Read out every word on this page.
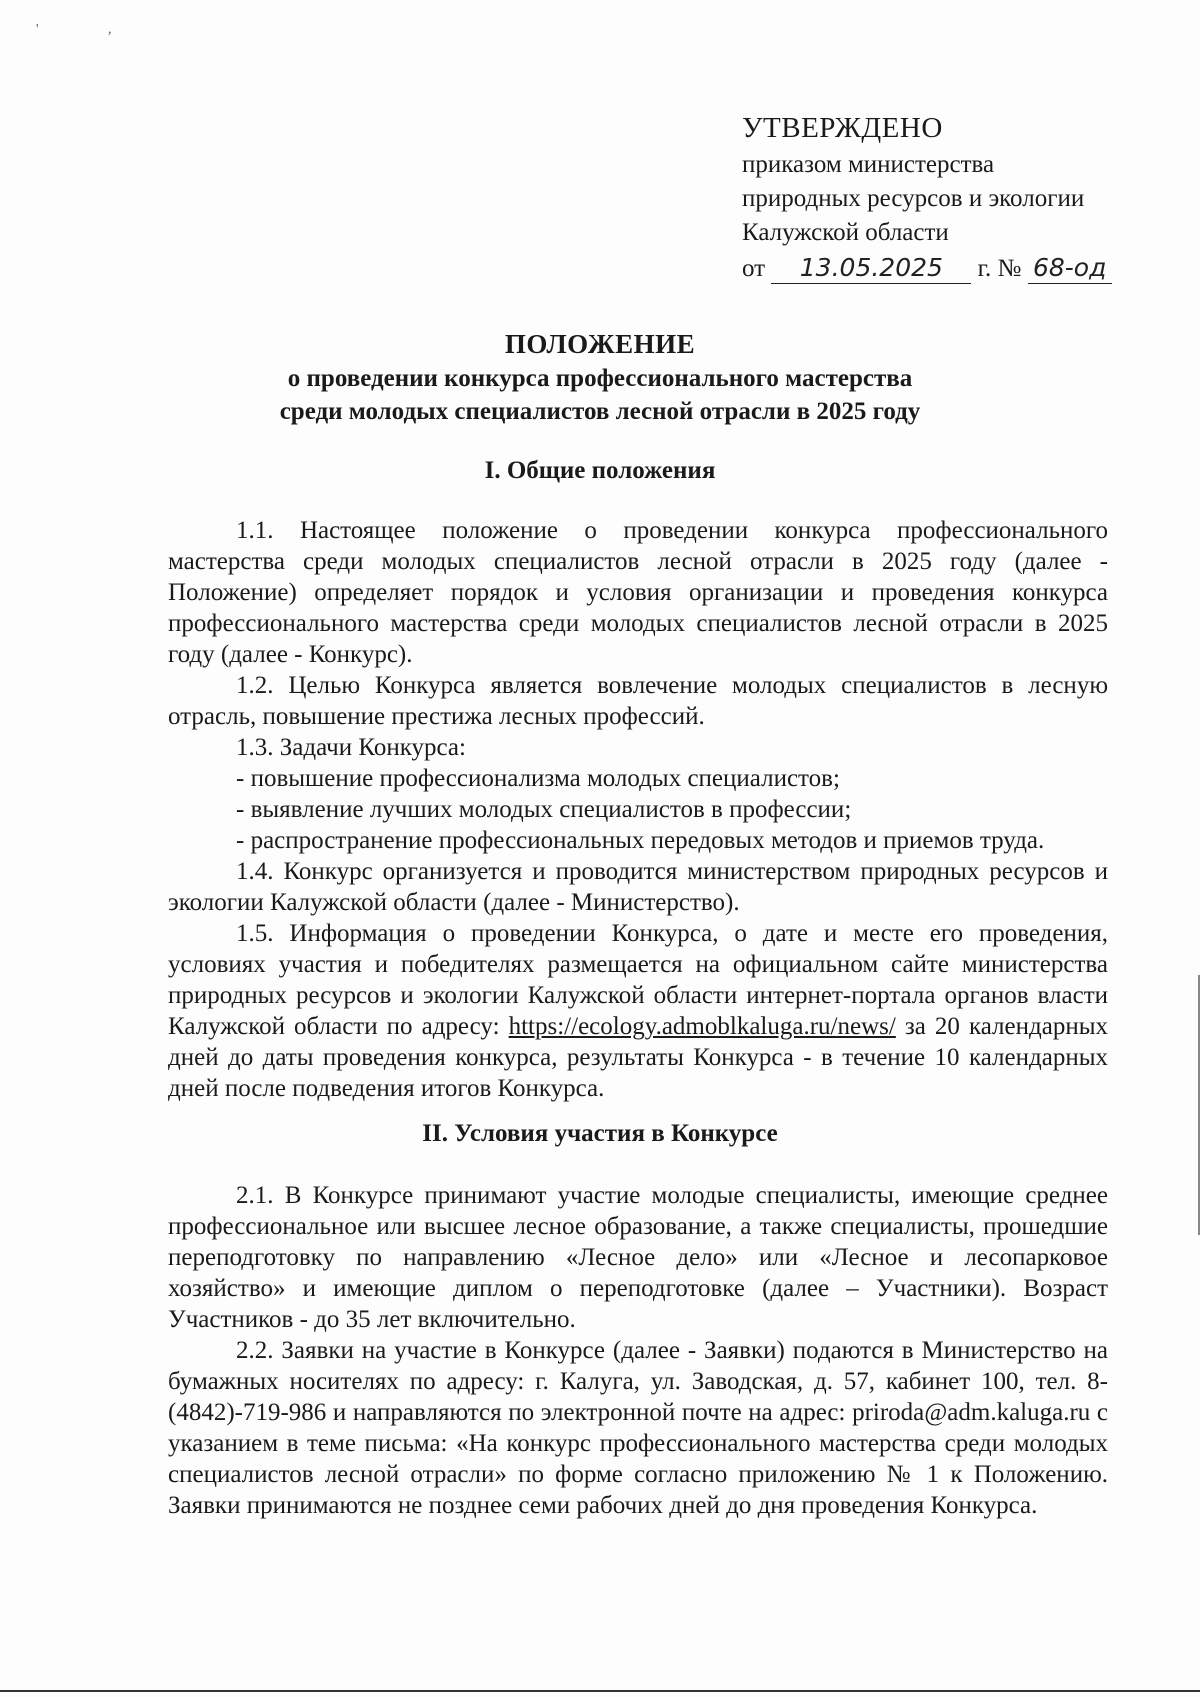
'	,
УТВЕРЖДЕНО
приказом министерства
природных ресурсов и экологии
Калужской области
от 13.05.2025 г. № 68-од
ПОЛОЖЕНИЕ
о проведении конкурса профессионального мастерства
среди молодых специалистов лесной отрасли в 2025 году
I. Общие положения

1.1. Настоящее положение о проведении конкурса профессионального мастерства среди молодых специалистов лесной отрасли в 2025 году (далее - Положение) определяет порядок и условия организации и проведения конкурса профессионального мастерства среди молодых специалистов лесной отрасли в 2025 году (далее - Конкурс).

1.2. Целью Конкурса является вовлечение молодых специалистов в лесную отрасль, повышение престижа лесных профессий.

1.3. Задачи Конкурса:

- повышение профессионализма молодых специалистов;

- выявление лучших молодых специалистов в профессии;

- распространение профессиональных передовых методов и приемов труда.

1.4. Конкурс организуется и проводится министерством природных ресурсов и экологии Калужской области (далее - Министерство).

1.5. Информация о проведении Конкурса, о дате и месте его проведения, условиях участия и победителях размещается на официальном сайте министерства природных ресурсов и экологии Калужской области интернет-портала органов власти Калужской области по адресу: https://ecology.admoblkaluga.ru/news/ за 20 календарных дней до даты проведения конкурса, результаты Конкурса - в течение 10 календарных дней после подведения итогов Конкурса.

II. Условия участия в Конкурсе

2.1. В Конкурсе принимают участие молодые специалисты, имеющие среднее профессиональное или высшее лесное образование, а также специалисты, прошедшие переподготовку по направлению «Лесное дело» или «Лесное и лесопарковое хозяйство» и имеющие диплом о переподготовке (далее – Участники). Возраст Участников - до 35 лет включительно.

2.2. Заявки на участие в Конкурсе (далее - Заявки) подаются в Министерство на бумажных носителях по адресу: г. Калуга, ул. Заводская, д. 57, кабинет 100, тел. 8-(4842)-719-986 и направляются по электронной почте на адрес: priroda@adm.kaluga.ru с указанием в теме письма: «На конкурс профессионального мастерства среди молодых специалистов лесной отрасли» по форме согласно приложению № 1 к Положению. Заявки принимаются не позднее семи рабочих дней до дня проведения Конкурса.
